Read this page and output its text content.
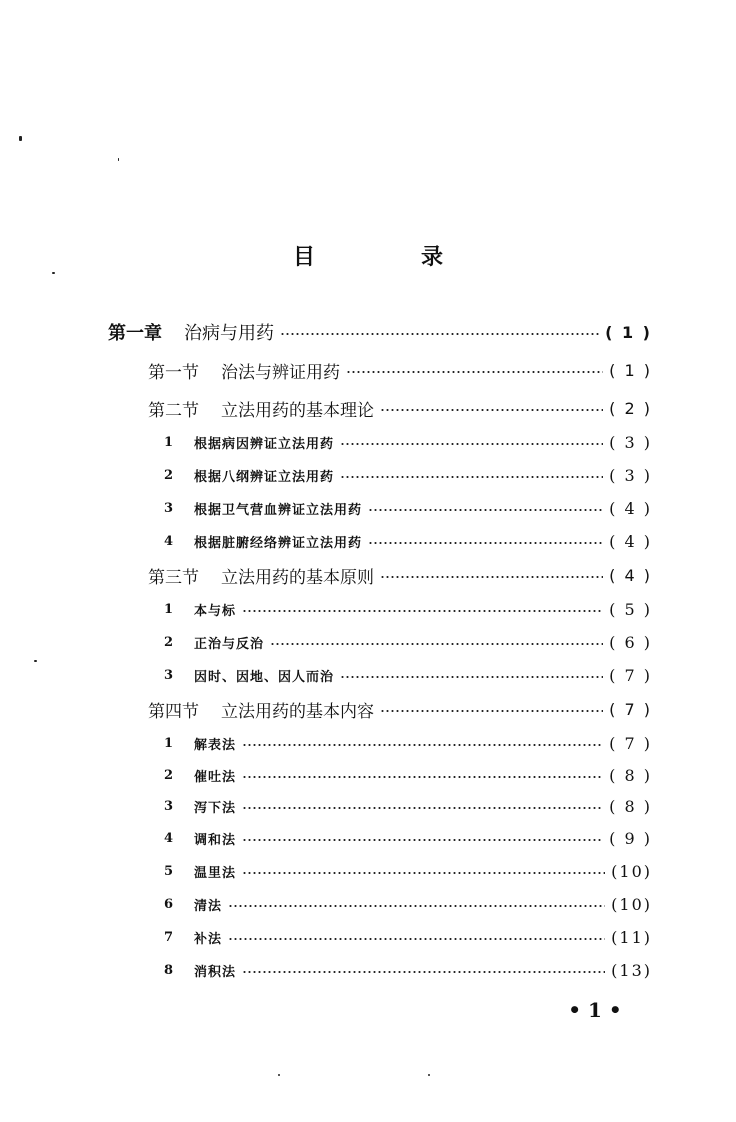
目　录
第一章 治病与用药	( 1 )
第一节 治法与辨证用药	( 1 )
第二节 立法用药的基本理论	( 2 )
1	根据病因辨证立法用药	( 3 )
2	根据八纲辨证立法用药	( 3 )
3	根据卫气营血辨证立法用药	( 4 )
4	根据脏腑经络辨证立法用药	( 4 )
第三节 立法用药的基本原则	( 4 )
1	本与标	( 5 )
2	正治与反治	( 6 )
3	因时、因地、因人而治	( 7 )
第四节 立法用药的基本内容	( 7 )
1	解表法	( 7 )
2	催吐法	( 8 )
3	泻下法	( 8 )
4	调和法	( 9 )
5	温里法	(10)
6	清法	(10)
7	补法	(11)
8	消积法	(13)
• 1 •
